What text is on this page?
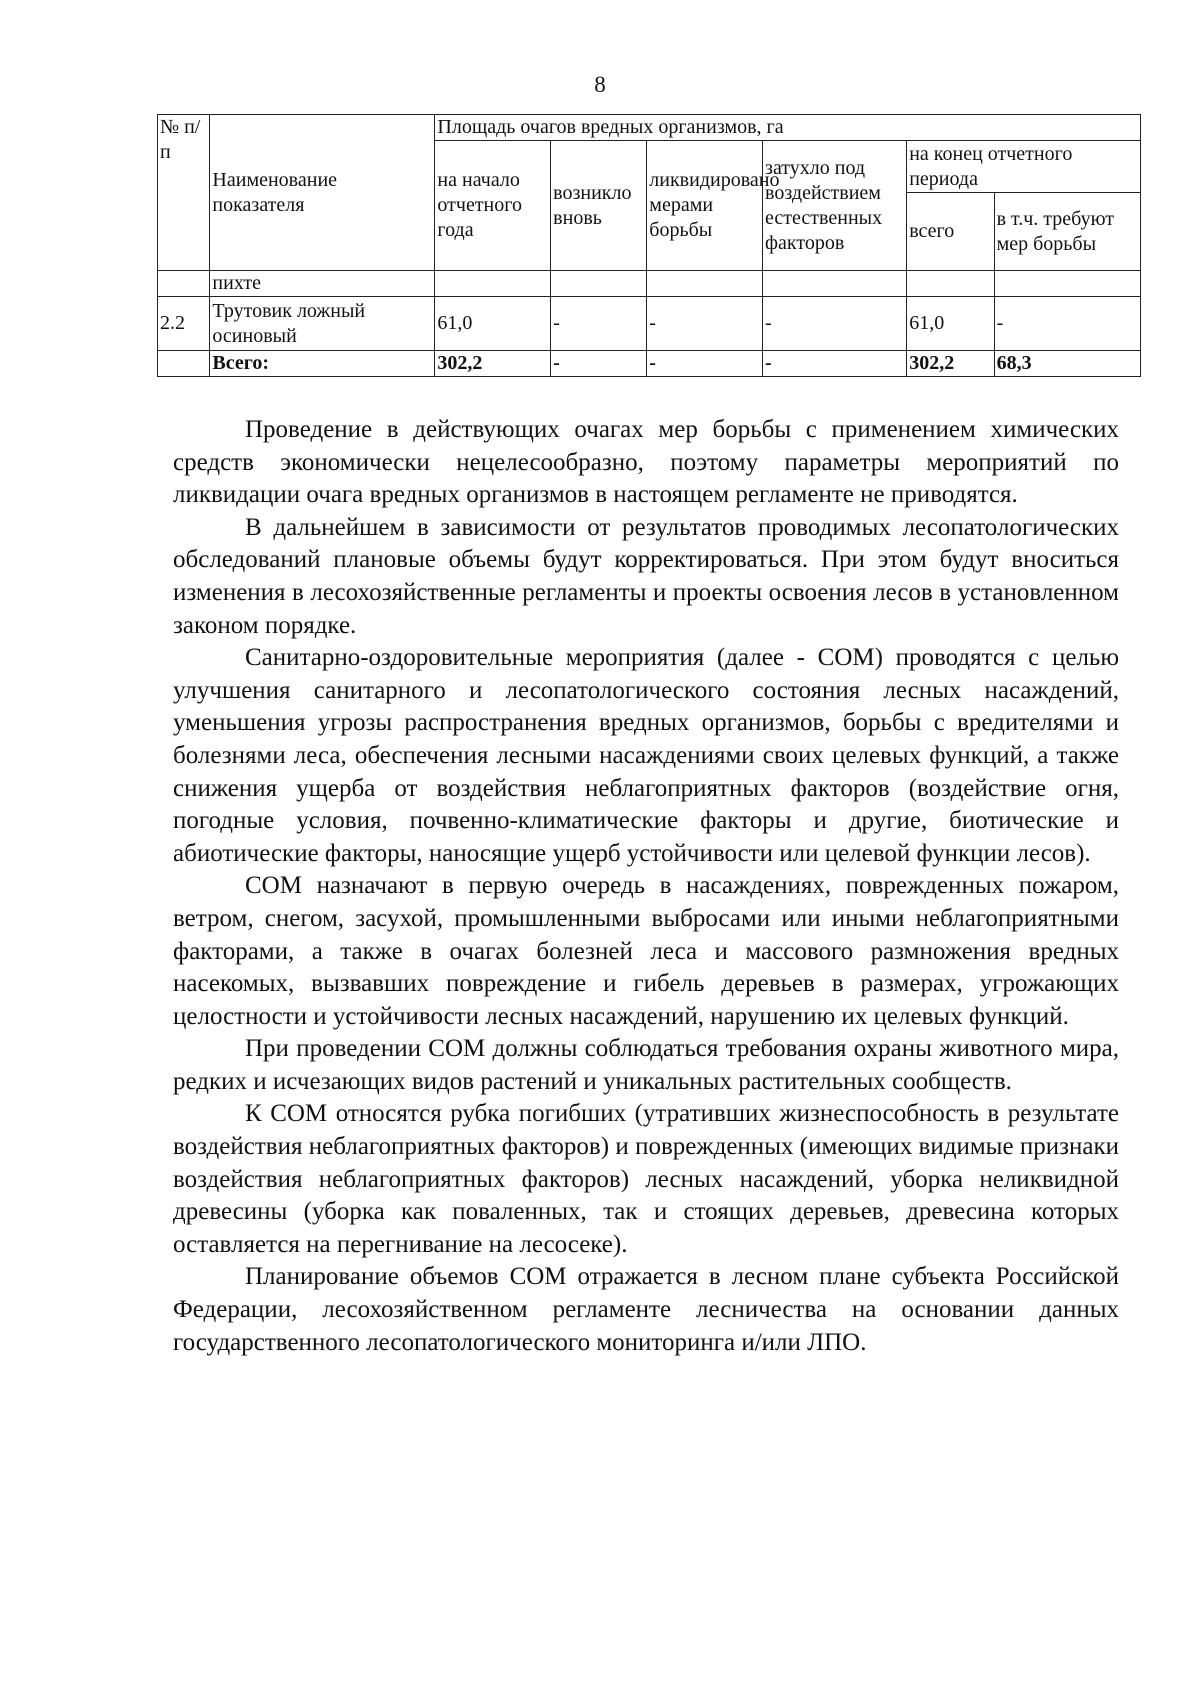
8
№ п/п	Наименование показателя	Площадь очагов вредных организмов, га					
		на начало отчетного года	возникло вновь	ликвидировано мерами борьбы	затухло под воздействием естественных факторов	на конец отчетного периода	
						всего	в т.ч. требуют мер борьбы
	пихте						
2.2	Трутовик ложный осиновый	61,0	-	-	-	61,0	-
	Всего:	302,2	-	-	-	302,2	68,3

Проведение в действующих очагах мер борьбы с применением химических средств экономически нецелесообразно, поэтому параметры мероприятий по ликвидации очага вредных организмов в настоящем регламенте не приводятся.

В дальнейшем в зависимости от результатов проводимых лесопатологических обследований плановые объемы будут корректироваться. При этом будут вноситься изменения в лесохозяйственные регламенты и проекты освоения лесов в установленном законом порядке.

Санитарно-оздоровительные мероприятия (далее - СОМ) проводятся с целью улучшения санитарного и лесопатологического состояния лесных насаждений, уменьшения угрозы распространения вредных организмов, борьбы с вредителями и болезнями леса, обеспечения лесными насаждениями своих целевых функций, а также снижения ущерба от воздействия неблагоприятных факторов (воздействие огня, погодные условия, почвенно-климатические факторы и другие, биотические и абиотические факторы, наносящие ущерб устойчивости или целевой функции лесов).

СОМ назначают в первую очередь в насаждениях, поврежденных пожаром, ветром, снегом, засухой, промышленными выбросами или иными неблагоприятными факторами, а также в очагах болезней леса и массового размножения вредных насекомых, вызвавших повреждение и гибель деревьев в размерах, угрожающих целостности и устойчивости лесных насаждений, нарушению их целевых функций.

При проведении СОМ должны соблюдаться требования охраны животного мира, редких и исчезающих видов растений и уникальных растительных сообществ.

К СОМ относятся рубка погибших (утративших жизнеспособность в результате воздействия неблагоприятных факторов) и поврежденных (имеющих видимые признаки воздействия неблагоприятных факторов) лесных насаждений, уборка неликвидной древесины (уборка как поваленных, так и стоящих деревьев, древесина которых оставляется на перегнивание на лесосеке).

Планирование объемов СОМ отражается в лесном плане субъекта Российской Федерации, лесохозяйственном регламенте лесничества на основании данных государственного лесопатологического мониторинга и/или ЛПО.
